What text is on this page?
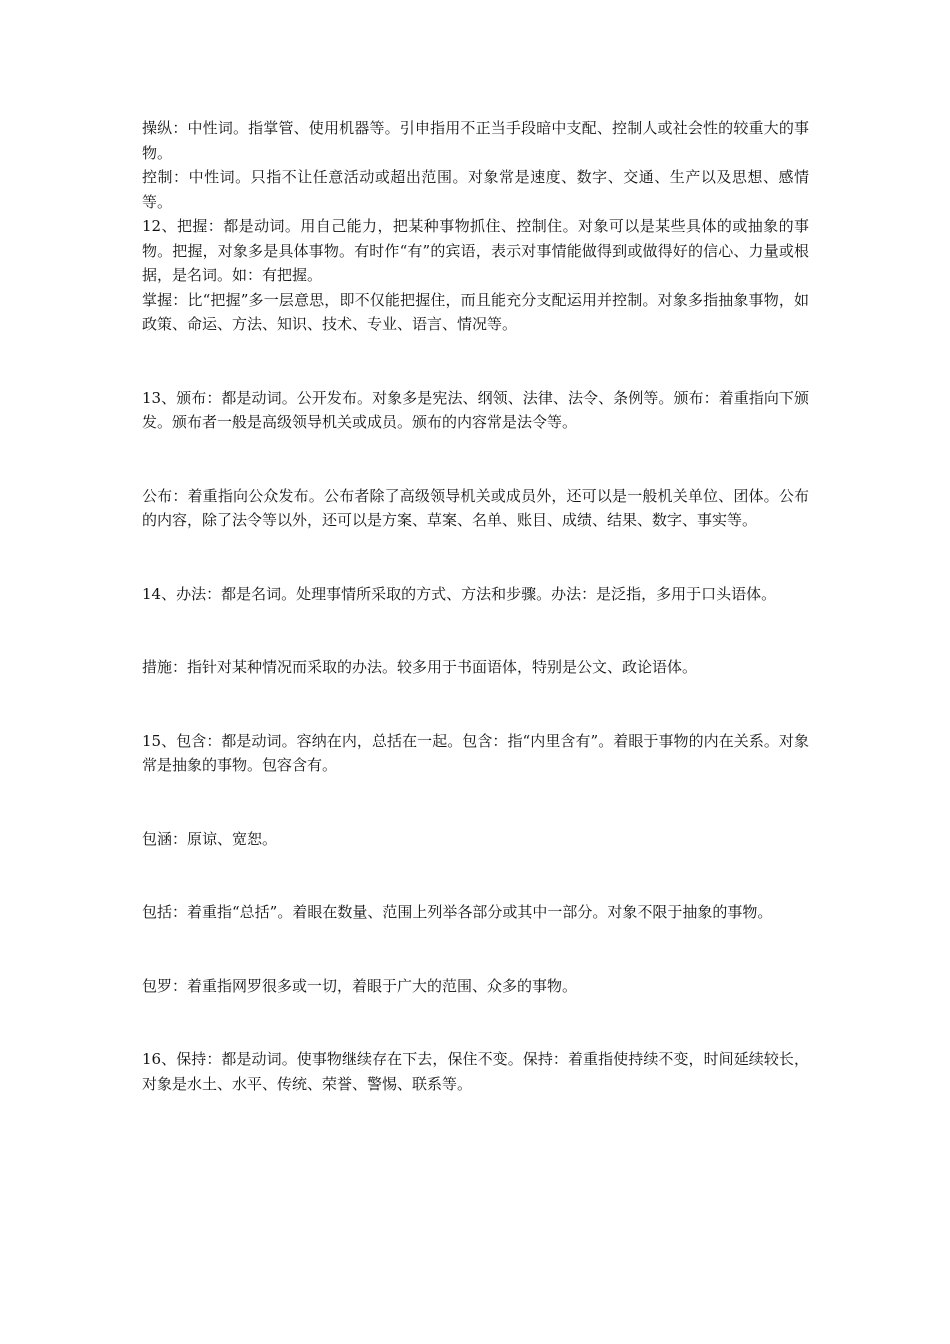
操纵：中性词。指掌管、使用机器等。引申指用不正当手段暗中支配、控制人或社会性的较重大的事物。

控制：中性词。只指不让任意活动或超出范围。对象常是速度、数字、交通、生产以及思想、感情等。

12、把握：都是动词。用自己能力，把某种事物抓住、控制住。对象可以是某些具体的或抽象的事物。把握，对象多是具体事物。有时作“有”的宾语，表示对事情能做得到或做得好的信心、力量或根据，是名词。如：有把握。

掌握：比“把握”多一层意思，即不仅能把握住，而且能充分支配运用并控制。对象多指抽象事物，如政策、命运、方法、知识、技术、专业、语言、情况等。

13、颁布：都是动词。公开发布。对象多是宪法、纲领、法律、法令、条例等。颁布：着重指向下颁发。颁布者一般是高级领导机关或成员。颁布的内容常是法令等。

公布：着重指向公众发布。公布者除了高级领导机关或成员外，还可以是一般机关单位、团体。公布的内容，除了法令等以外，还可以是方案、草案、名单、账目、成绩、结果、数字、事实等。

14、办法：都是名词。处理事情所采取的方式、方法和步骤。办法：是泛指，多用于口头语体。

措施：指针对某种情况而采取的办法。较多用于书面语体，特别是公文、政论语体。

15、包含：都是动词。容纳在内，总括在一起。包含：指“内里含有”。着眼于事物的内在关系。对象常是抽象的事物。包容含有。

包涵：原谅、宽恕。

包括：着重指“总括”。着眼在数量、范围上列举各部分或其中一部分。对象不限于抽象的事物。

包罗：着重指网罗很多或一切，着眼于广大的范围、众多的事物。

16、保持：都是动词。使事物继续存在下去，保住不变。保持：着重指使持续不变，时间延续较长，对象是水土、水平、传统、荣誉、警惕、联系等。
